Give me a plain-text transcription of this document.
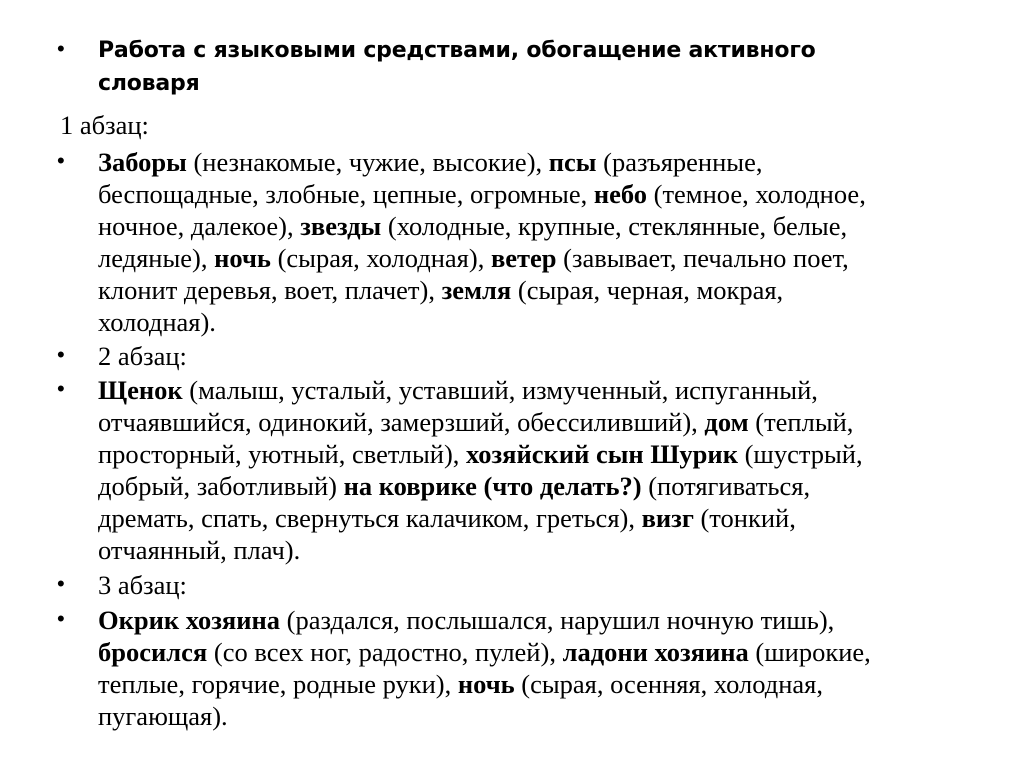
•	Работа с языковыми средствами, обогащение активного
словаря
1 абзац:
•	Заборы (незнакомые, чужие, высокие), псы (разъяренные,
беспощадные, злобные, цепные, огромные, небо (темное, холодное,
ночное, далекое), звезды (холодные, крупные, стеклянные, белые,
ледяные), ночь (сырая, холодная), ветер (завывает, печально поет,
клонит деревья, воет, плачет), земля (сырая, черная, мокрая,
холодная).
•	2 абзац:
•	Щенок (малыш, усталый, уставший, измученный, испуганный,
отчаявшийся, одинокий, замерзший, обессиливший), дом (теплый,
просторный, уютный, светлый), хозяйский сын Шурик (шустрый,
добрый, заботливый) на коврике (что делать?) (потягиваться,
дремать, спать, свернуться калачиком, греться), визг (тонкий,
отчаянный, плач).
•	3 абзац:
•	Окрик хозяина (раздался, послышался, нарушил ночную тишь),
бросился (со всех ног, радостно, пулей), ладони хозяина (широкие,
теплые, горячие, родные руки), ночь (сырая, осенняя, холодная,
пугающая).
